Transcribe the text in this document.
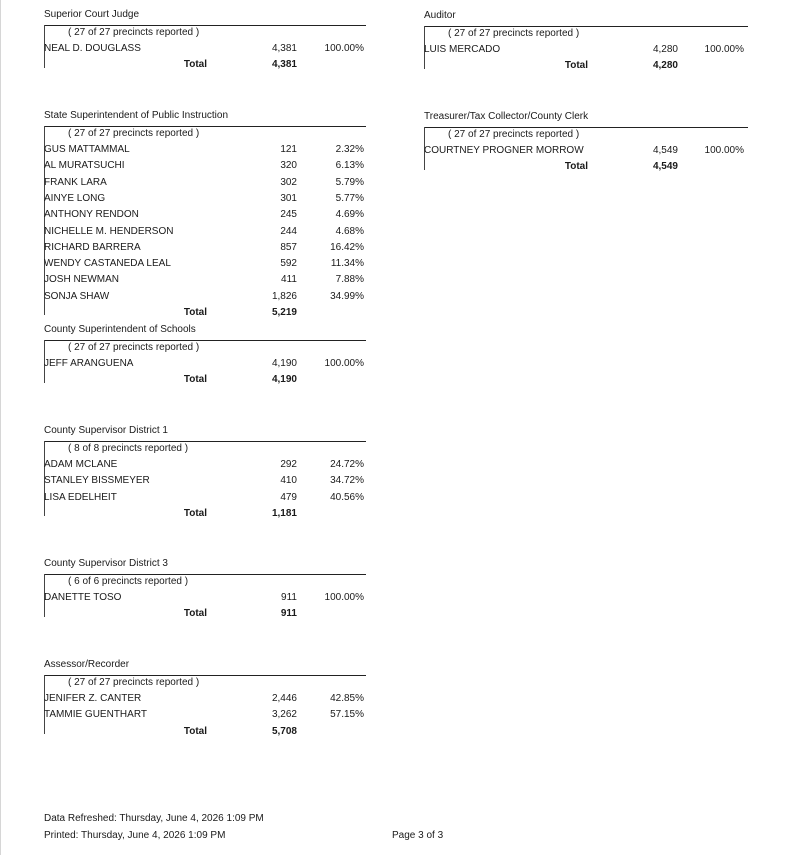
Superior Court Judge
( 27 of 27 precincts reported )
NEAL D. DOUGLASS	4,381	100.00%
Total	4,381
State Superintendent of Public Instruction
( 27 of 27 precincts reported )
GUS MATTAMMAL	121	2.32%
AL MURATSUCHI	320	6.13%
FRANK LARA	302	5.79%
AINYE LONG	301	5.77%
ANTHONY RENDON	245	4.69%
NICHELLE M. HENDERSON	244	4.68%
RICHARD BARRERA	857	16.42%
WENDY CASTANEDA LEAL	592	11.34%
JOSH NEWMAN	411	7.88%
SONJA SHAW	1,826	34.99%
Total	5,219
County Superintendent of Schools
( 27 of 27 precincts reported )
JEFF ARANGUENA	4,190	100.00%
Total	4,190
County Supervisor District 1
( 8 of 8 precincts reported )
ADAM MCLANE	292	24.72%
STANLEY BISSMEYER	410	34.72%
LISA EDELHEIT	479	40.56%
Total	1,181
County Supervisor District 3
( 6 of 6 precincts reported )
DANETTE TOSO	911	100.00%
Total	911
Assessor/Recorder
( 27 of 27 precincts reported )
JENIFER Z. CANTER	2,446	42.85%
TAMMIE GUENTHART	3,262	57.15%
Total	5,708
Auditor
( 27 of 27 precincts reported )
LUIS MERCADO	4,280	100.00%
Total	4,280
Treasurer/Tax Collector/County Clerk
( 27 of 27 precincts reported )
COURTNEY PROGNER MORROW	4,549	100.00%
Total	4,549
Data Refreshed: Thursday, June 4, 2026 1:09 PM
Printed: Thursday, June 4, 2026 1:09 PM	Page 3 of 3
